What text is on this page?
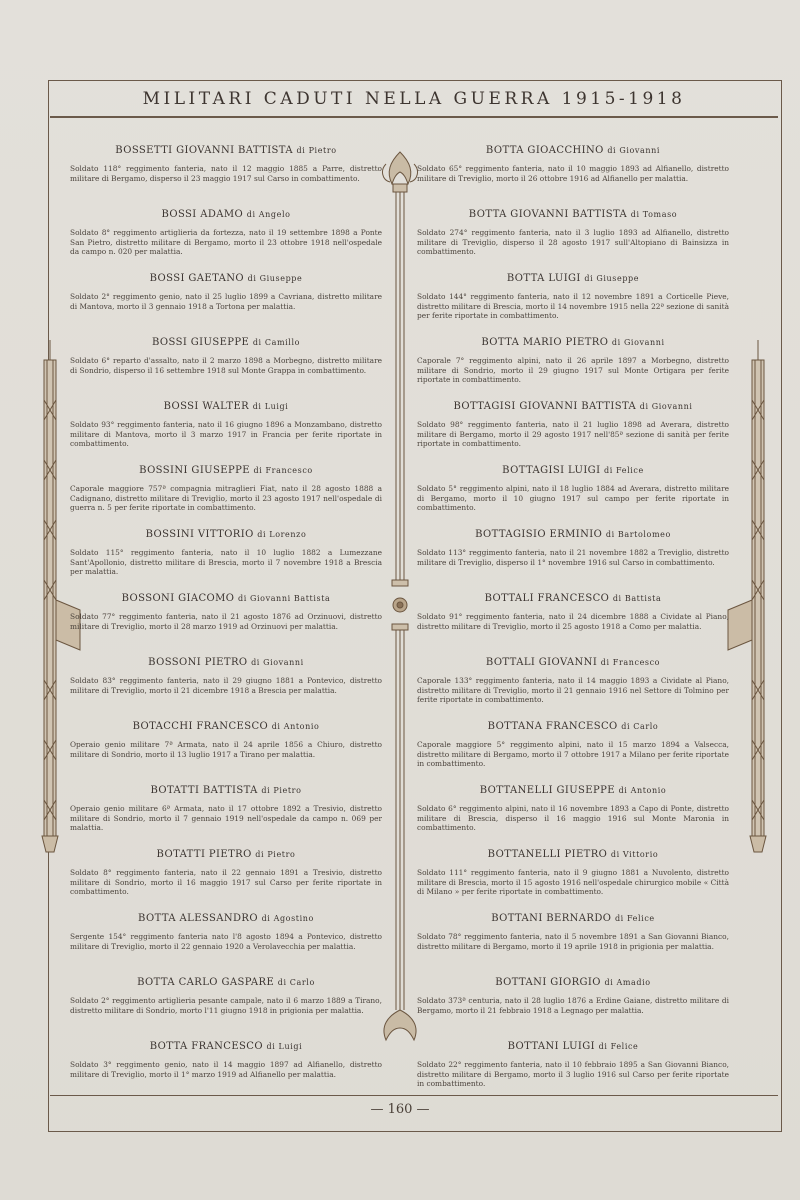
MILITARI CADUTI NELLA GUERRA 1915-1918
BOSSETTI GIOVANNI BATTISTA di Pietro
Soldato 118° reggimento fanteria, nato il 12 maggio 1885 a Parre, distretto militare di Bergamo, disperso il 23 maggio 1917 sul Carso in combattimento.
BOSSI ADAMO di Angelo
Soldato 8° reggimento artiglieria da fortezza, nato il 19 settembre 1898 a Ponte San Pietro, distretto militare di Bergamo, morto il 23 ottobre 1918 nell'ospedale da campo n. 020 per malattia.
BOSSI GAETANO di Giuseppe
Soldato 2° reggimento genio, nato il 25 luglio 1899 a Cavriana, distretto militare di Mantova, morto il 3 gennaio 1918 a Tortona per malattia.
BOSSI GIUSEPPE di Camillo
Soldato 6° reparto d'assalto, nato il 2 marzo 1898 a Morbegno, distretto militare di Sondrio, disperso il 16 settembre 1918 sul Monte Grappa in combattimento.
BOSSI WALTER di Luigi
Soldato 93° reggimento fanteria, nato il 16 giugno 1896 a Monzambano, distretto militare di Mantova, morto il 3 marzo 1917 in Francia per ferite riportate in combattimento.
BOSSINI GIUSEPPE di Francesco
Caporale maggiore 757ª compagnia mitraglieri Fiat, nato il 28 agosto 1888 a Cadignano, distretto militare di Treviglio, morto il 23 agosto 1917 nell'ospedale di guerra n. 5 per ferite riportate in combattimento.
BOSSINI VITTORIO di Lorenzo
Soldato 115° reggimento fanteria, nato il 10 luglio 1882 a Lumezzane Sant'Apollonio, distretto militare di Brescia, morto il 7 novembre 1918 a Brescia per malattia.
BOSSONI GIACOMO di Giovanni Battista
Soldato 77° reggimento fanteria, nato il 21 agosto 1876 ad Orzinuovi, distretto militare di Treviglio, morto il 28 marzo 1919 ad Orzinuovi per malattia.
BOSSONI PIETRO di Giovanni
Soldato 83° reggimento fanteria, nato il 29 giugno 1881 a Pontevico, distretto militare di Treviglio, morto il 21 dicembre 1918 a Brescia per malattia.
BOTACCHI FRANCESCO di Antonio
Operaio genio militare 7ª Armata, nato il 24 aprile 1856 a Chiuro, distretto militare di Sondrio, morto il 13 luglio 1917 a Tirano per malattia.
BOTATTI BATTISTA di Pietro
Operaio genio militare 6ª Armata, nato il 17 ottobre 1892 a Tresivio, distretto militare di Sondrio, morto il 7 gennaio 1919 nell'ospedale da campo n. 069 per malattia.
BOTATTI PIETRO di Pietro
Soldato 8° reggimento fanteria, nato il 22 gennaio 1891 a Tresivio, distretto militare di Sondrio, morto il 16 maggio 1917 sul Carso per ferite riportate in combattimento.
BOTTA ALESSANDRO di Agostino
Sergente 154° reggimento fanteria nato l'8 agosto 1894 a Pontevico, distretto militare di Treviglio, morto il 22 gennaio 1920 a Verolavecchia per malattia.
BOTTA CARLO GASPARE di Carlo
Soldato 2° reggimento artiglieria pesante campale, nato il 6 marzo 1889 a Tirano, distretto militare di Sondrio, morto l'11 giugno 1918 in prigionia per malattia.
BOTTA FRANCESCO di Luigi
Soldato 3° reggimento genio, nato il 14 maggio 1897 ad Alfianello, distretto militare di Treviglio, morto il 1° marzo 1919 ad Alfianello per malattia.
BOTTA GIOACCHINO di Giovanni
Soldato 65° reggimento fanteria, nato il 10 maggio 1893 ad Alfianello, distretto militare di Treviglio, morto il 26 ottobre 1916 ad Alfianello per malattia.
BOTTA GIOVANNI BATTISTA di Tomaso
Soldato 274° reggimento fanteria, nato il 3 luglio 1893 ad Alfianello, distretto militare di Treviglio, disperso il 28 agosto 1917 sull'Altopiano di Bainsizza in combattimento.
BOTTA LUIGI di Giuseppe
Soldato 144° reggimento fanteria, nato il 12 novembre 1891 a Corticelle Pieve, distretto militare di Brescia, morto il 14 novembre 1915 nella 22ª sezione di sanità per ferite riportate in combattimento.
BOTTÀ MARIO PIETRO di Giovanni
Caporale 7° reggimento alpini, nato il 26 aprile 1897 a Morbegno, distretto militare di Sondrio, morto il 29 giugno 1917 sul Monte Ortigara per ferite riportate in combattimento.
BOTTAGISI GIOVANNI BATTISTA di Giovanni
Soldato 98° reggimento fanteria, nato il 21 luglio 1898 ad Averara, distretto militare di Bergamo, morto il 29 agosto 1917 nell'85ª sezione di sanità per ferite riportate in combattimento.
BOTTAGISI LUIGI di Felice
Soldato 5° reggimento alpini, nato il 18 luglio 1884 ad Averara, distretto militare di Bergamo, morto il 10 giugno 1917 sul campo per ferite riportate in combattimento.
BOTTAGISIO ERMINIO di Bartolomeo
Soldato 113° reggimento fanteria, nato il 21 novembre 1882 a Treviglio, distretto militare di Treviglio, disperso il 1° novembre 1916 sul Carso in combattimento.
BOTTALI FRANCESCO di Battista
Soldato 91° reggimento fanteria, nato il 24 dicembre 1888 a Cividate al Piano, distretto militare di Treviglio, morto il 25 agosto 1918 a Como per malattia.
BOTTALI GIOVANNI di Francesco
Caporale 133° reggimento fanteria, nato il 14 maggio 1893 a Cividate al Piano, distretto militare di Treviglio, morto il 21 gennaio 1916 nel Settore di Tolmino per ferite riportate in combattimento.
BOTTANA FRANCESCO di Carlo
Caporale maggiore 5° reggimento alpini, nato il 15 marzo 1894 a Valsecca, distretto militare di Bergamo, morto il 7 ottobre 1917 a Milano per ferite riportate in combattimento.
BOTTANELLI GIUSEPPE di Antonio
Soldato 6° reggimento alpini, nato il 16 novembre 1893 a Capo di Ponte, distretto militare di Brescia, disperso il 16 maggio 1916 sul Monte Maronia in combattimento.
BOTTANELLI PIETRO di Vittorio
Soldato 111° reggimento fanteria, nato il 9 giugno 1881 a Nuvolento, distretto militare di Brescia, morto il 15 agosto 1916 nell'ospedale chirurgico mobile « Città di Milano » per ferite riportate in combattimento.
BOTTANI BERNARDO di Felice
Soldato 78° reggimento fanteria, nato il 5 novembre 1891 a San Giovanni Bianco, distretto militare di Bergamo, morto il 19 aprile 1918 in prigionia per malattia.
BOTTANI GIORGIO di Amadio
Soldato 373ª centuria, nato il 28 luglio 1876 a Erdine Gaiane, distretto militare di Bergamo, morto il 21 febbraio 1918 a Legnago per malattia.
BOTTANI LUIGI di Felice
Soldato 22° reggimento fanteria, nato il 10 febbraio 1895 a San Giovanni Bianco, distretto militare di Bergamo, morto il 3 luglio 1916 sul Carso per ferite riportate in combattimento.
— 160 —
